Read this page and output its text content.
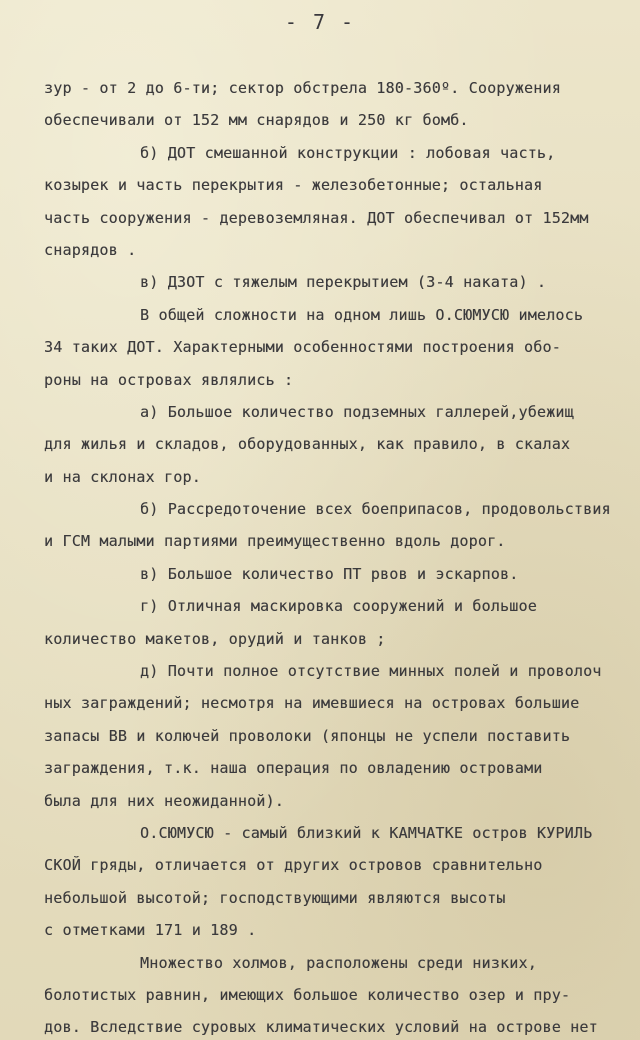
- 7 -
зур - от 2 до 6-ти; сектор обстрела 180-360º. Сооружения
обеспечивали от 152 мм снарядов и 250 кг бомб.
б) ДОТ смешанной конструкции : лобовая часть,
козырек и часть перекрытия - железобетонные; остальная
часть сооружения - деревоземляная. ДОТ обеспечивал от 152мм
снарядов .
в) ДЗОТ с тяжелым перекрытием (3-4 наката) .
В общей сложности на одном лишь О.СЮМУСЮ имелось
34 таких ДОТ. Характерными особенностями построения обо-
роны на островах являлись :
а) Большое количество подземных галлерей,убежищ
для жилья и складов, оборудованных, как правило, в скалах
и на склонах гор.
б) Рассредоточение всех боеприпасов, продовольствия
и ГСМ малыми партиями преимущественно вдоль дорог.
в) Большое количество ПТ рвов и эскарпов.
г) Отличная маскировка сооружений и большое
количество макетов, орудий и танков ;
д) Почти полное отсутствие минных полей и проволоч
ных заграждений; несмотря на имевшиеся на островах большие
запасы ВВ и колючей проволоки (японцы не успели поставить
заграждения, т.к. наша операция по овладению островами
была для них неожиданной).
О.СЮМУСЮ - самый близкий к КАМЧАТКЕ остров КУРИЛЬ
СКОЙ гряды, отличается от других островов сравнительно
небольшой высотой; господствующими являются высоты
с отметками 171 и 189 .
Множество холмов, расположены среди низких,
болотистых равнин, имеющих большое количество озер и пру-
дов. Вследствие суровых климатических условий на острове нет
